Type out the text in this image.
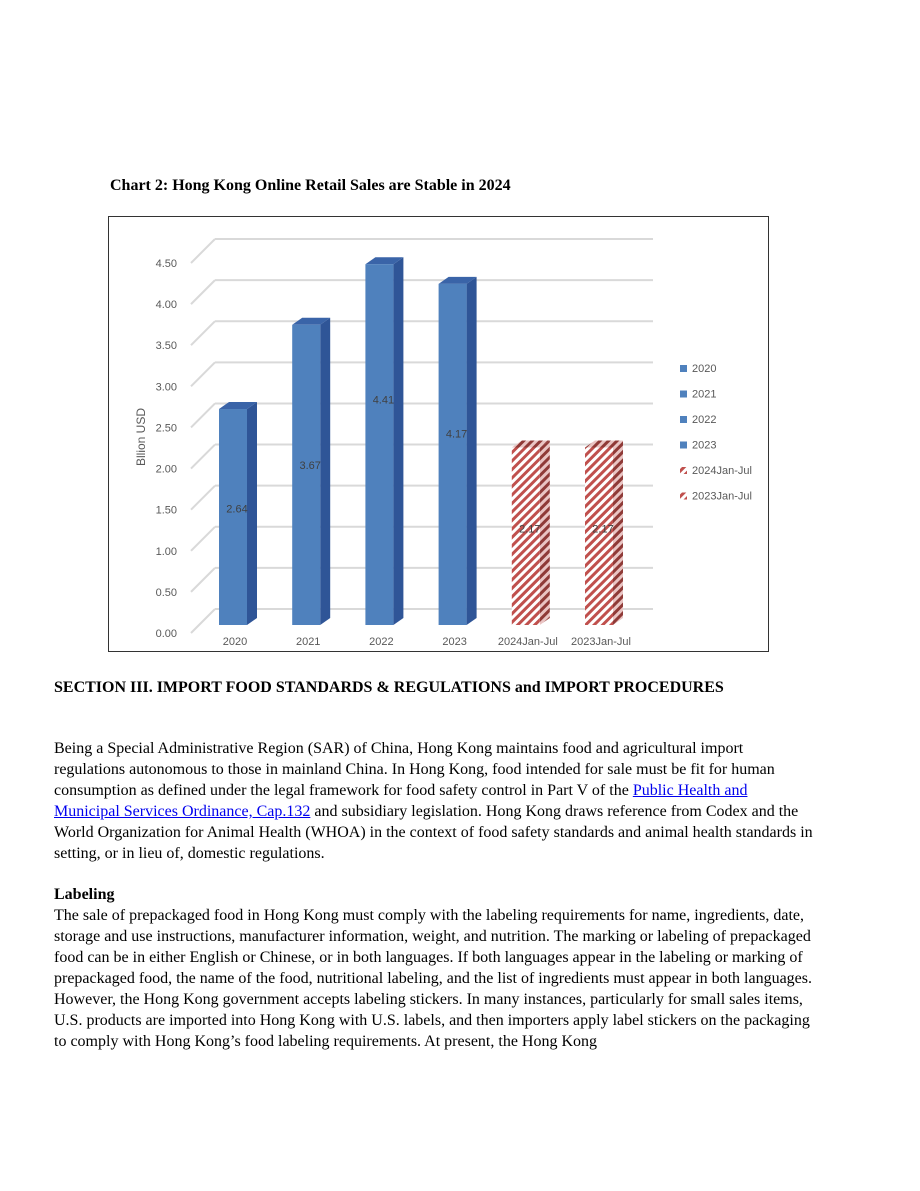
Chart 2: Hong Kong Online Retail Sales are Stable in 2024
Bllion USD
0.00
0.50
1.00
1.50
2.00
2.50
3.00
3.50
4.00
4.50
2.64
2020
3.67
2021
4.41
2022
4.17
2023
2.17
2024Jan-Jul
2.17
2023Jan-Jul
2020
2021
2022
2023
2024Jan-Jul
2023Jan-Jul
SECTION III. IMPORT FOOD STANDARDS & REGULATIONS and IMPORT PROCEDURES

Being a Special Administrative Region (SAR) of China, Hong Kong maintains food and agricultural import regulations autonomous to those in mainland China. In Hong Kong, food intended for sale must be fit for human consumption as defined under the legal framework for food safety control in Part V of the Public Health and Municipal Services Ordinance, Cap.132 and subsidiary legislation. Hong Kong draws reference from Codex and the World Organization for Animal Health (WHOA) in the context of food safety standards and animal health standards in setting, or in lieu of, domestic regulations.

Labeling

The sale of prepackaged food in Hong Kong must comply with the labeling requirements for name, ingredients, date, storage and use instructions, manufacturer information, weight, and nutrition. The marking or labeling of prepackaged food can be in either English or Chinese, or in both languages. If both languages appear in the labeling or marking of prepackaged food, the name of the food, nutritional labeling, and the list of ingredients must appear in both languages. However, the Hong Kong government accepts labeling stickers. In many instances, particularly for small sales items, U.S. products are imported into Hong Kong with U.S. labels, and then importers apply label stickers on the packaging to comply with Hong Kong’s food labeling requirements. At present, the Hong Kong
